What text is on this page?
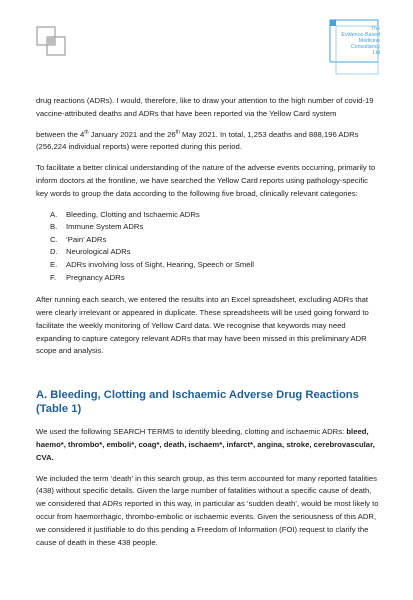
The
Evidence-Based
Medicine
Consultancy
Ltd

drug reactions (ADRs). I would, therefore, like to draw your attention to the high number of covid-19 vaccine-attributed deaths and ADRs that have been reported via the Yellow Card system

between the 4th January 2021 and the 26th May 2021. In total, 1,253 deaths and 888,196 ADRs (256,224 individual reports) were reported during this period.

To facilitate a better clinical understanding of the nature of the adverse events occurring, primarily to inform doctors at the frontline, we have searched the Yellow Card reports using pathology-specific key words to group the data according to the following five broad, clinically relevant categories:

A.	Bleeding, Clotting and Ischaemic ADRs
B.	Immune System ADRs
C.	‘Pain’ ADRs
D.	Neurological ADRs
E.	ADRs involving loss of Sight, Hearing, Speech or Smell
F.	Pregnancy ADRs

After running each search, we entered the results into an Excel spreadsheet, excluding ADRs that were clearly irrelevant or appeared in duplicate. These spreadsheets will be used going forward to facilitate the weekly monitoring of Yellow Card data. We recognise that keywords may need expanding to capture category relevant ADRs that may have been missed in this preliminary ADR scope and analysis.

A. Bleeding, Clotting and Ischaemic Adverse Drug Reactions (Table 1)

We used the following SEARCH TERMS to identify bleeding, clotting and ischaemic ADRs: bleed, haemo*, thrombo*, emboli*, coag*, death, ischaem*, infarct*, angina, stroke, cerebrovascular, CVA.

We included the term ‘death’ in this search group, as this term accounted for many reported fatalities (438) without specific details. Given the large number of fatalities without a specific cause of death, we considered that ADRs reported in this way, in particular as ‘sudden death’, would be most likely to occur from haemorrhagic, thrombo-embolic or ischaemic events. Given the seriousness of this ADR, we considered it justifiable to do this pending a Freedom of Information (FOI) request to clarify the cause of death in these 438 people.
